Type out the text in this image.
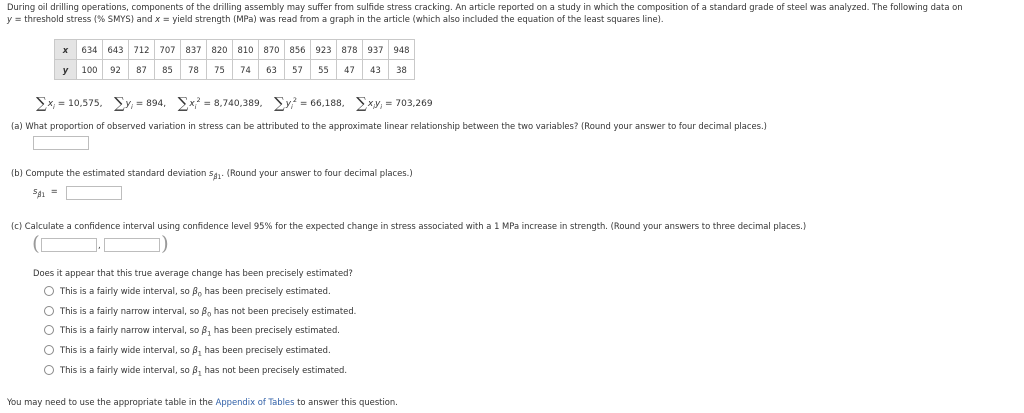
During oil drilling operations, components of the drilling assembly may suffer from sulfide stress cracking. An article reported on a study in which the composition of a standard grade of steel was analyzed. The following data on
y = threshold stress (% SMYS) and x = yield strength (MPa) was read from a graph in the article (which also included the equation of the least squares line).
x	634	643	712	707	837	820	810	870	856	923	878	937	948
y	100	92	87	85	78	75	74	63	57	55	47	43	38
$\sum x_i = 10,575$, $\sum y_i = 894$, $\sum x_i^2 = 8,740,389$, $\sum y_i^2 = 66,188$, $\sum x_iy_i = 703,269$
(a) What proportion of observed variation in stress can be attributed to the approximate linear relationship between the two variables? (Round your answer to four decimal places.)
(b) Compute the estimated standard deviation $s_{\betâ1}$. (Round your answer to four decimal places.)
$s_{\betâ1}$ =
(c) Calculate a confidence interval using confidence level 95% for the expected change in stress associated with a 1 MPa increase in strength. (Round your answers to three decimal places.)
(	,	)
Does it appear that this true average change has been precisely estimated?
This is a fairly wide interval, so $\beta_0$ has been precisely estimated.
This is a fairly narrow interval, so $\beta_0$ has not been precisely estimated.
This is a fairly narrow interval, so $\beta_1$ has been precisely estimated.
This is a fairly wide interval, so $\beta_1$ has been precisely estimated.
This is a fairly wide interval, so $\beta_1$ has not been precisely estimated.
You may need to use the appropriate table in the Appendix of Tables to answer this question.
